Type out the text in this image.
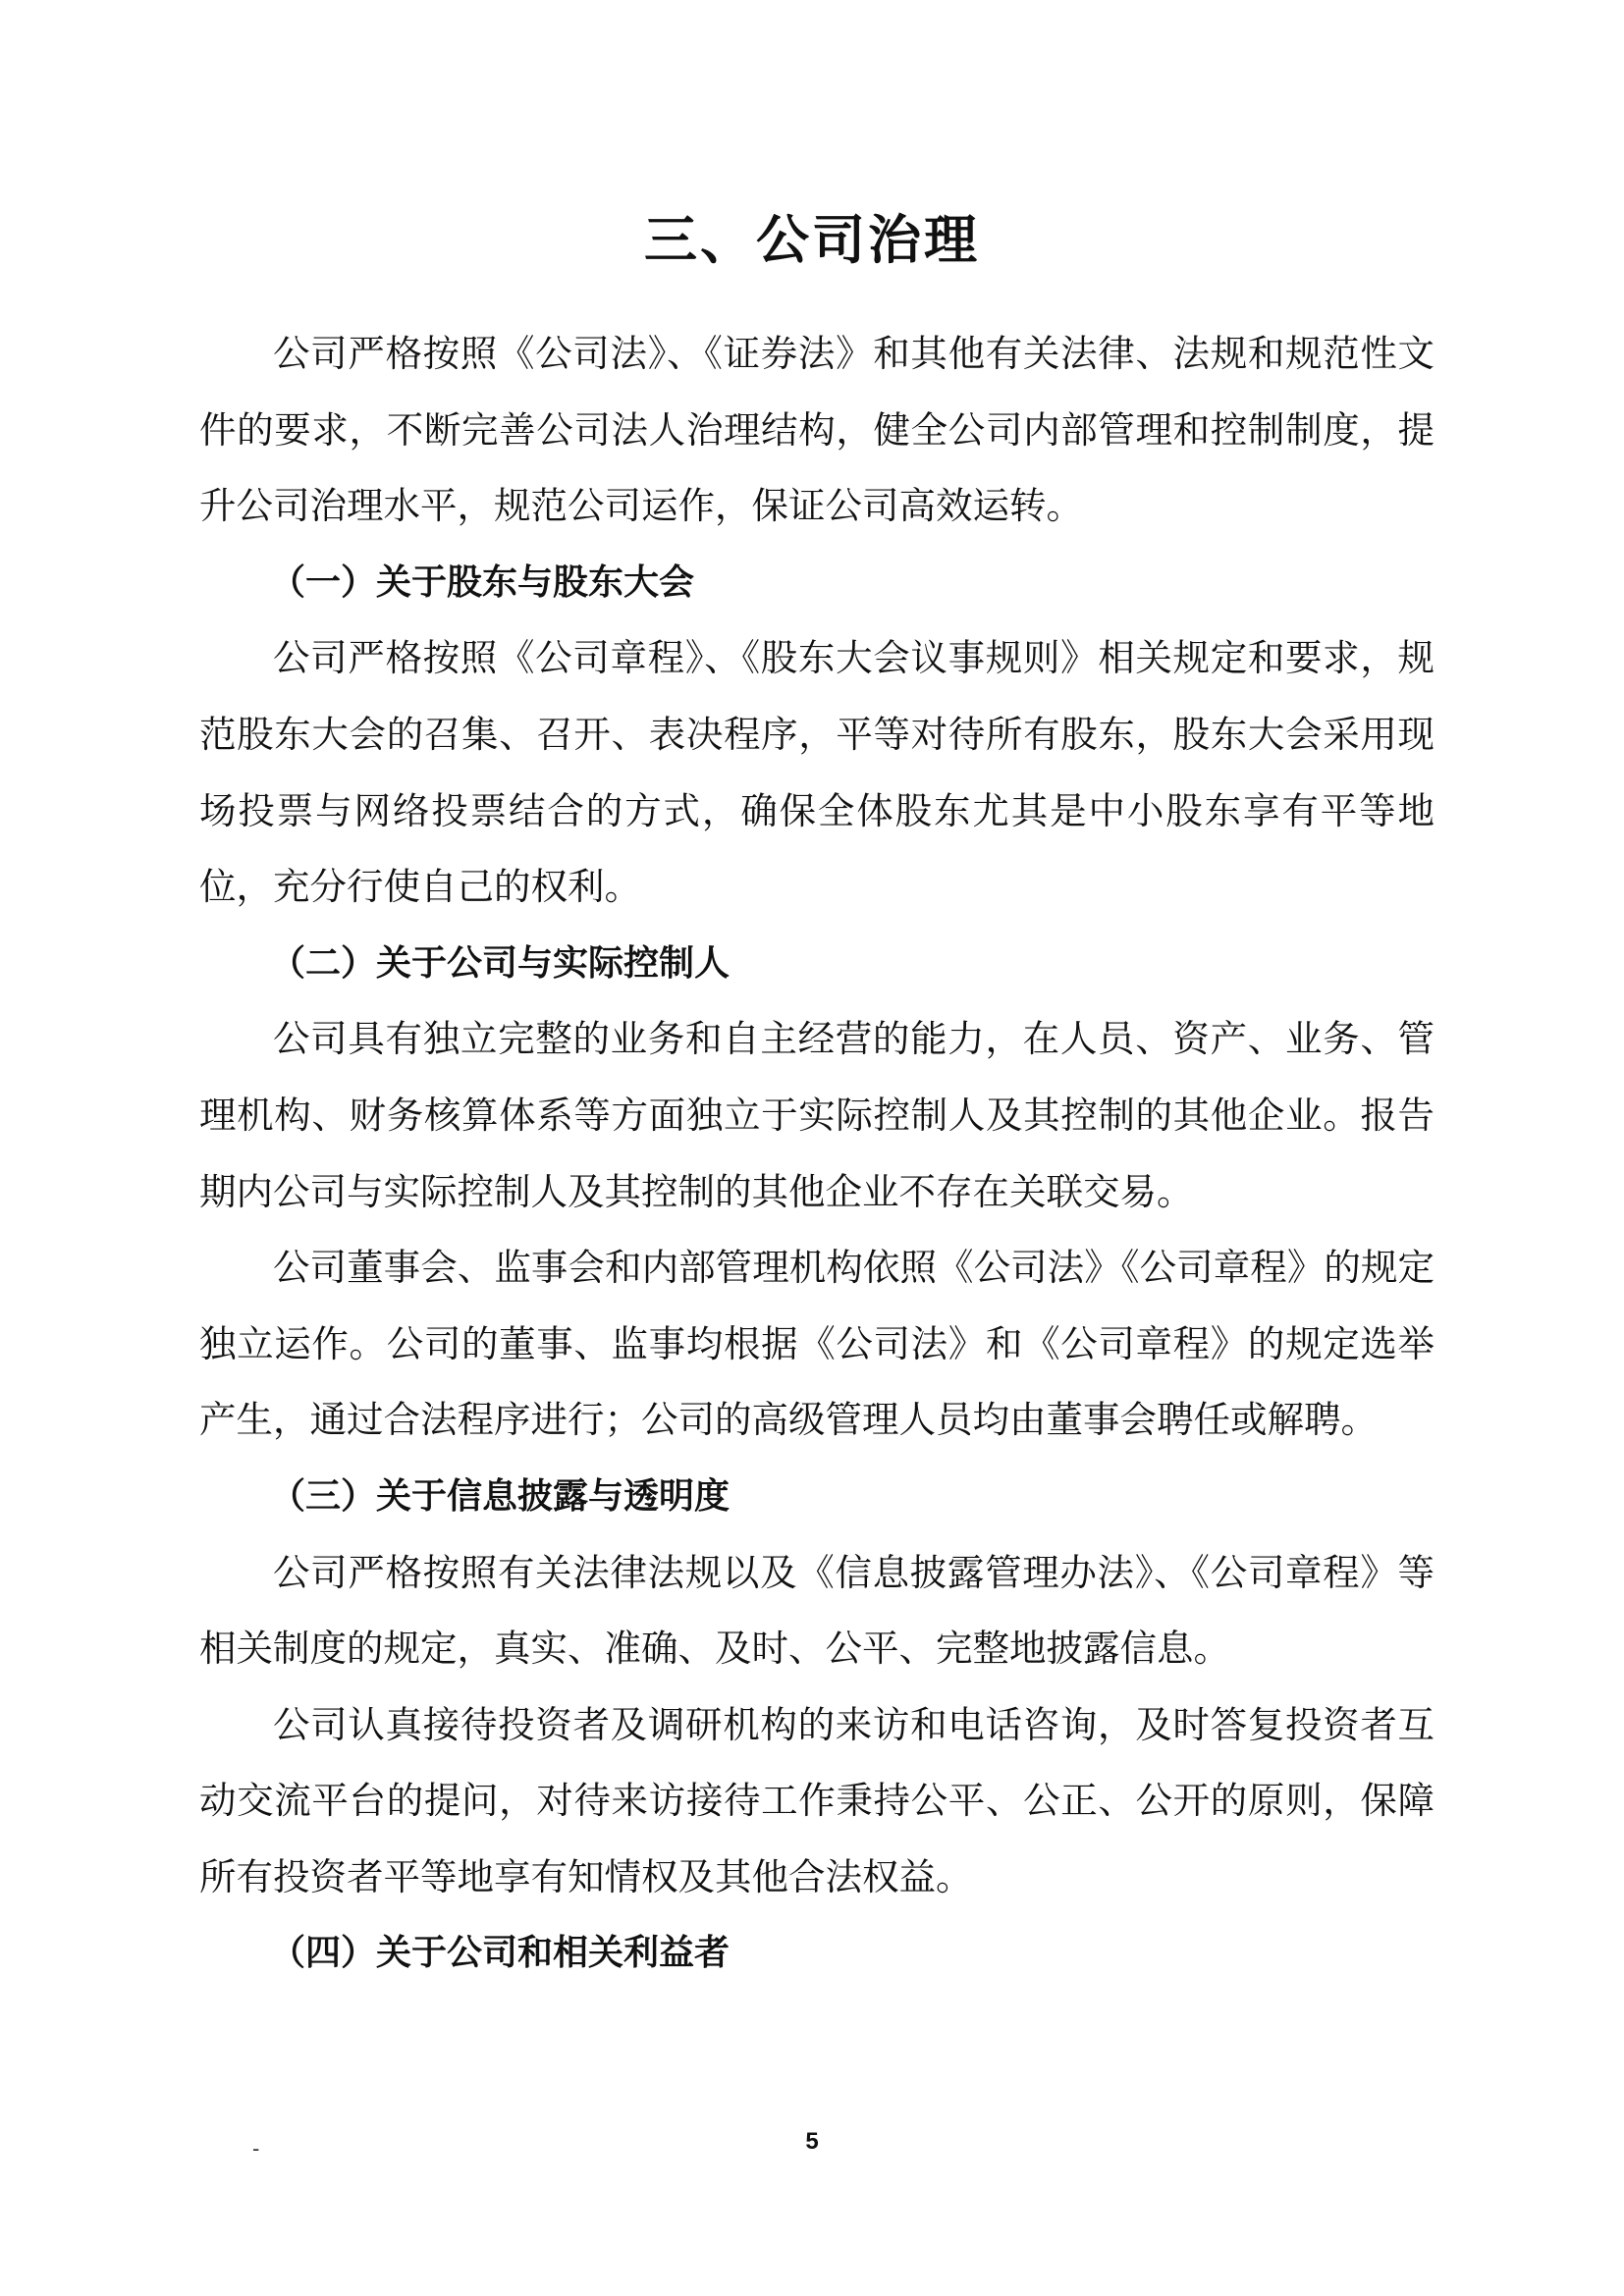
三、公司治理

公司严格按照《公司法》、《证券法》和其他有关法律、法规和规范性文件的要求，不断完善公司法人治理结构，健全公司内部管理和控制制度，提升公司治理水平，规范公司运作，保证公司高效运转。

（一）关于股东与股东大会

公司严格按照《公司章程》、《股东大会议事规则》相关规定和要求，规范股东大会的召集、召开、表决程序，平等对待所有股东，股东大会采用现场投票与网络投票结合的方式，确保全体股东尤其是中小股东享有平等地位，充分行使自己的权利。

（二）关于公司与实际控制人

公司具有独立完整的业务和自主经营的能力，在人员、资产、业务、管理机构、财务核算体系等方面独立于实际控制人及其控制的其他企业。报告期内公司与实际控制人及其控制的其他企业不存在关联交易。

公司董事会、监事会和内部管理机构依照《公司法》《公司章程》的规定独立运作。公司的董事、监事均根据《公司法》和《公司章程》的规定选举产生，通过合法程序进行；公司的高级管理人员均由董事会聘任或解聘。

（三）关于信息披露与透明度

公司严格按照有关法律法规以及《信息披露管理办法》、《公司章程》等相关制度的规定，真实、准确、及时、公平、完整地披露信息。

公司认真接待投资者及调研机构的来访和电话咨询，及时答复投资者互动交流平台的提问，对待来访接待工作秉持公平、公正、公开的原则，保障所有投资者平等地享有知情权及其他合法权益。

（四）关于公司和相关利益者

-	5
